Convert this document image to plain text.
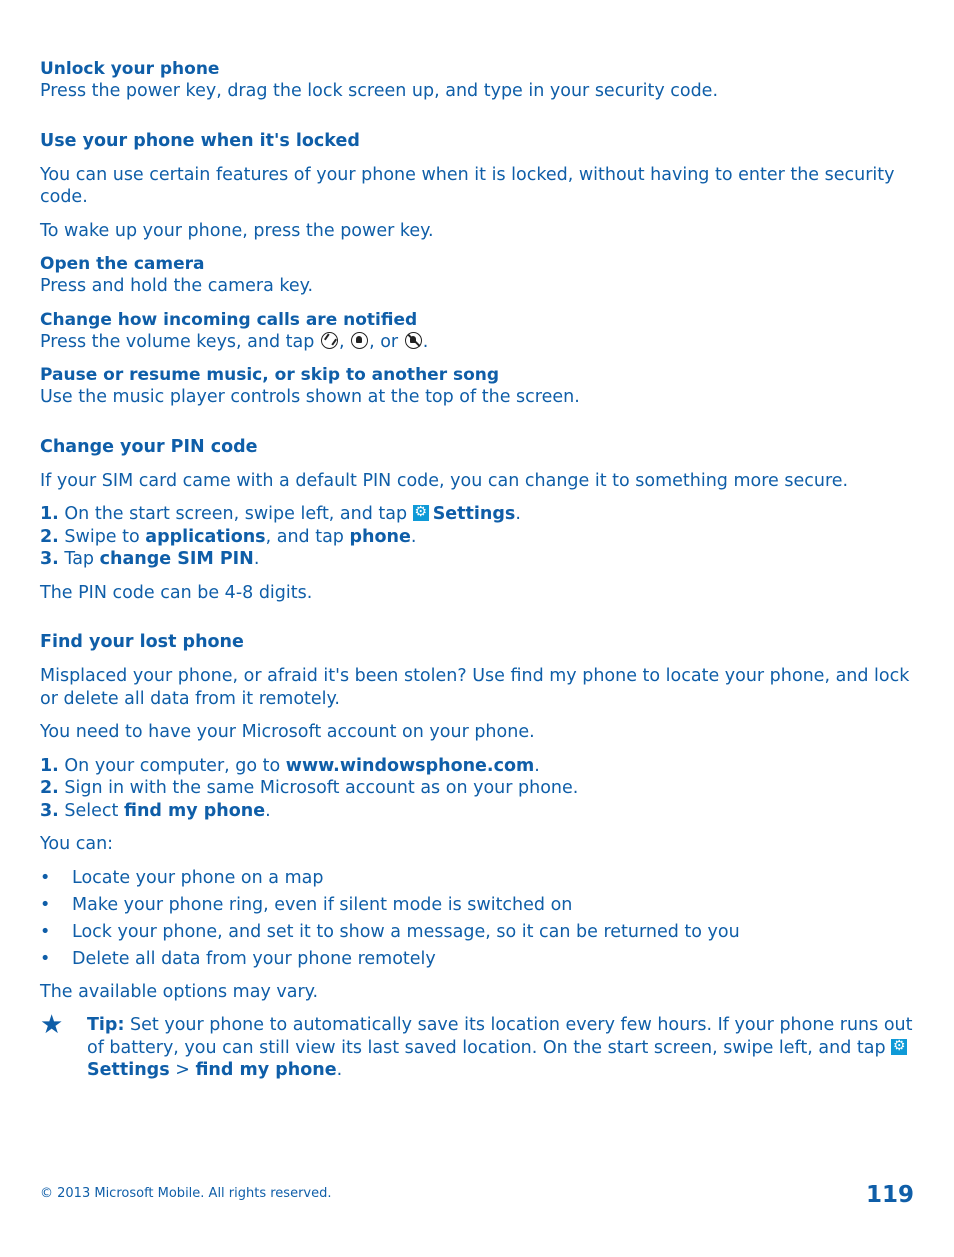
Unlock your phone

Press the power key, drag the lock screen up, and type in your security code.

Use your phone when it's locked

You can use certain features of your phone when it is locked, without having to enter the security code.

To wake up your phone, press the power key.

Open the camera

Press and hold the camera key.

Change how incoming calls are notified

Press the volume keys, and tap , , or .

Pause or resume music, or skip to another song

Use the music player controls shown at the top of the screen.

Change your PIN code

If your SIM card came with a default PIN code, you can change it to something more secure.

1. On the start screen, swipe left, and tap ⚙ Settings.

2. Swipe to applications, and tap phone.

3. Tap change SIM PIN.

The PIN code can be 4-8 digits.

Find your lost phone

Misplaced your phone, or afraid it's been stolen? Use find my phone to locate your phone, and lock or delete all data from it remotely.

You need to have your Microsoft account on your phone.

1. On your computer, go to www.windowsphone.com.

2. Sign in with the same Microsoft account as on your phone.

3. Select find my phone.

You can:

• Locate your phone on a map
• Make your phone ring, even if silent mode is switched on
• Lock your phone, and set it to show a message, so it can be returned to you
• Delete all data from your phone remotely

The available options may vary.

★ Tip: Set your phone to automatically save its location every few hours. If your phone runs out of battery, you can still view its last saved location. On the start screen, swipe left, and tap ⚙
Settings > find my phone.

© 2013 Microsoft Mobile. All rights reserved.	119
